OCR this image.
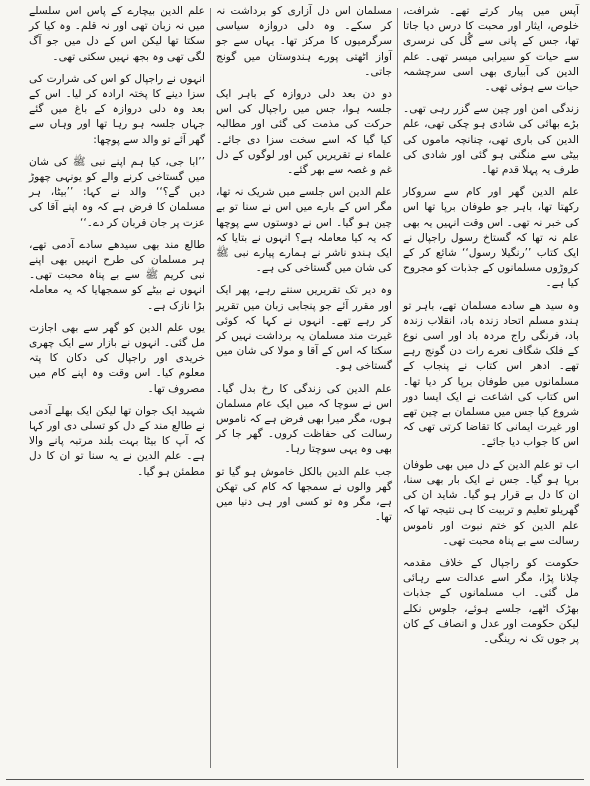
آپس میں پیار کرتے تھے۔ شرافت، خلوص، ایثار اور محبت کا درس دیا جاتا تھا، جس کے پانی سے گُل کی نرسری سے حیات کو سیرابی میسر تھی۔ علم الدین کی آبیاری بھی اسی سرچشمہ حیات سے ہوئی تھی۔

زندگی امن اور چین سے گزر رہی تھی۔ بڑے بھائی کی شادی ہو چکی تھی، علم الدین کی باری تھی، چنانچہ ماموں کی بیٹی سے منگنی ہو گئی اور شادی کی طرف یہ پہلا قدم تھا۔

علم الدین گھر اور کام سے سروکار رکھتا تھا، باہر جو طوفان برپا تھا اس کی خبر نہ تھی۔ اس وقت انہیں یہ بھی علم نہ تھا کہ گستاخ رسول راجپال نے ایک کتاب ’’رنگیلا رسول‘‘ شائع کر کے کروڑوں مسلمانوں کے جذبات کو مجروح کیا ہے۔

وہ سید ھے سادے مسلمان تھے، باہر تو ہندو مسلم اتحاد زندہ باد، انقلاب زندہ باد، فرنگی راج مردہ باد اور اسی نوع کے فلک شگاف نعرے رات دن گونج رہے تھے۔ ادھر اس کتاب نے پنجاب کے مسلمانوں میں طوفان برپا کر دیا تھا۔ اس کتاب کی اشاعت نے ایک ایسا دور شروع کیا جس میں مسلمان بے چین تھے اور غیرت ایمانی کا تقاضا کرتی تھی کہ اس کا جواب دیا جائے۔

اب تو علم الدین کے دل میں بھی طوفان برپا ہو گیا۔ جس نے ایک بار بھی سنا، ان کا دل بے قرار ہو گیا۔ شاید ان کی گھریلو تعلیم و تربیت کا ہی نتیجہ تھا کہ علم الدین کو ختم نبوت اور ناموس رسالت سے بے پناہ محبت تھی۔

حکومت کو راجپال کے خلاف مقدمہ چلانا پڑا، مگر اسے عدالت سے رہائی مل گئی۔ اب مسلمانوں کے جذبات بھڑک اٹھے، جلسے ہوئے، جلوس نکلے لیکن حکومت اور عدل و انصاف کے کان پر جوں تک نہ رینگی۔

مسلمان اس دل آزاری کو برداشت نہ کر سکے۔ وہ دلی دروازہ سیاسی سرگرمیوں کا مرکز تھا۔ یہاں سے جو آواز اٹھتی پورے ہندوستان میں گونج جاتی۔

دو دن بعد دلی دروازہ کے باہر ایک جلسہ ہوا، جس میں راجپال کی اس حرکت کی مذمت کی گئی اور مطالبہ کیا گیا کہ اسے سخت سزا دی جائے۔ علماء نے تقریریں کیں اور لوگوں کے دل غم و غصہ سے بھر گئے۔

علم الدین اس جلسے میں شریک نہ تھا، مگر اس کے بارے میں اس نے سنا تو بے چین ہو گیا۔ اس نے دوستوں سے پوچھا کہ یہ کیا معاملہ ہے؟ انہوں نے بتایا کہ ایک ہندو ناشر نے ہمارے پیارے نبی ﷺ کی شان میں گستاخی کی ہے۔

وہ دیر تک تقریریں سنتے رہے، پھر ایک اور مقرر آئے جو پنجابی زبان میں تقریر کر رہے تھے۔ انہوں نے کہا کہ کوئی غیرت مند مسلمان یہ برداشت نہیں کر سکتا کہ اس کے آقا و مولا کی شان میں گستاخی ہو۔

علم الدین کی زندگی کا رخ بدل گیا۔ اس نے سوچا کہ میں ایک عام مسلمان ہوں، مگر میرا بھی فرض ہے کہ ناموس رسالت کی حفاظت کروں۔ گھر جا کر بھی وہ یہی سوچتا رہا۔

جب علم الدین بالکل خاموش ہو گیا تو گھر والوں نے سمجھا کہ کام کی تھکن ہے، مگر وہ تو کسی اور ہی دنیا میں تھا۔

علم الدین بیچارے کے پاس اس سلسلے میں نہ زبان تھی اور نہ قلم۔ وہ کیا کر سکتا تھا لیکن اس کے دل میں جو آگ لگی تھی وہ بجھ نہیں سکتی تھی۔

انہوں نے راجپال کو اس کی شرارت کی سزا دینے کا پختہ ارادہ کر لیا۔ اس کے بعد وہ دلی دروازہ کے باغ میں گئے جہاں جلسہ ہو رہا تھا اور وہاں سے گھر آئے تو والد سے پوچھا:

’’ابا جی، کیا ہم اپنے نبی ﷺ کی شان میں گستاخی کرنے والے کو یونہی چھوڑ دیں گے؟‘‘ والد نے کہا: ’’بیٹا، ہر مسلمان کا فرض ہے کہ وہ اپنے آقا کی عزت پر جان قربان کر دے۔‘‘

طالع مند بھی سیدھے سادے آدمی تھے، ہر مسلمان کی طرح انہیں بھی اپنے نبی کریم ﷺ سے بے پناہ محبت تھی۔ انہوں نے بیٹے کو سمجھایا کہ یہ معاملہ بڑا نازک ہے۔

یوں علم الدین کو گھر سے بھی اجازت مل گئی۔ انہوں نے بازار سے ایک چھری خریدی اور راجپال کی دکان کا پتہ معلوم کیا۔ اس وقت وہ اپنے کام میں مصروف تھا۔

شہید ایک جوان تھا لیکن ایک بھلے آدمی نے طالع مند کے دل کو تسلی دی اور کہا کہ آپ کا بیٹا بہت بلند مرتبہ پانے والا ہے۔ علم الدین نے یہ سنا تو ان کا دل مطمئن ہو گیا۔
